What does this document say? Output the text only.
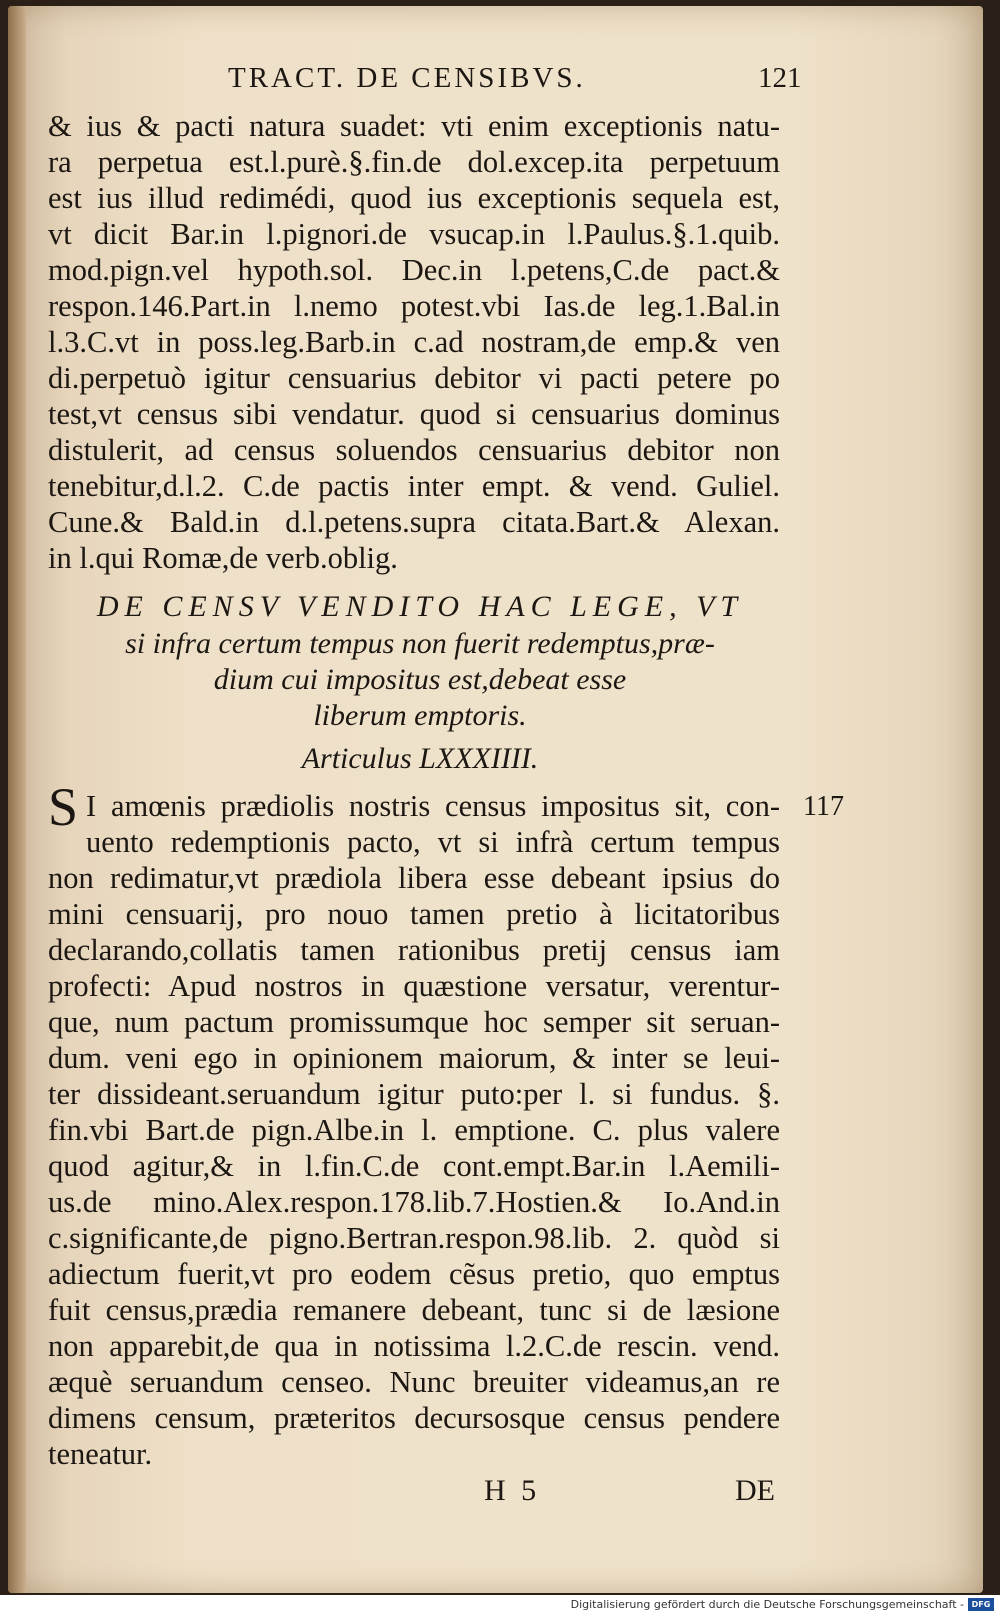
TRACT. DE CENSIBVS.	121
& ius & pacti natura suadet: vti enim exceptionis natu-
ra perpetua est.l.purè.§.fin.de dol.excep.ita perpetuum
est ius illud redimédi, quod ius exceptionis sequela est,
vt dicit Bar.in l.pignori.de vsucap.in l.Paulus.§.1.quib.
mod.pign.vel hypoth.sol. Dec.in l.petens,C.de pact.&
respon.146.Part.in l.nemo potest.vbi Ias.de leg.1.Bal.in
l.3.C.vt in poss.leg.Barb.in c.ad nostram,de emp.& ven
di.perpetuò igitur censuarius debitor vi pacti petere po
test,vt census sibi vendatur. quod si censuarius dominus
distulerit, ad census soluendos censuarius debitor non
tenebitur,d.l.2. C.de pactis inter empt. & vend. Guliel.
Cune.& Bald.in d.l.petens.supra citata.Bart.& Alexan.
in l.qui Romæ,de verb.oblig.
DE CENSV VENDITO HAC LEGE, VT
si infra certum tempus non fuerit redemptus,præ-
dium cui impositus est,debeat esse
liberum emptoris.
Articulus LXXXIIII.
S	117
I amœnis prædiolis nostris census impositus sit, con-
uento redemptionis pacto, vt si infrà certum tempus
non redimatur,vt prædiola libera esse debeant ipsius do
mini censuarij, pro nouo tamen pretio à licitatoribus
declarando,collatis tamen rationibus pretij census iam
profecti: Apud nostros in quæstione versatur, verentur-
que, num pactum promissumque hoc semper sit seruan-
dum. veni ego in opinionem maiorum, & inter se leui-
ter dissideant.seruandum igitur puto:per l. si fundus. §.
fin.vbi Bart.de pign.Albe.in l. emptione. C. plus valere
quod agitur,& in l.fin.C.de cont.empt.Bar.in l.Aemili-
us.de mino.Alex.respon.178.lib.7.Hostien.& Io.And.in
c.significante,de pigno.Bertran.respon.98.lib. 2. quòd si
adiectum fuerit,vt pro eodem cẽsus pretio, quo emptus
fuit census,prædia remanere debeant, tunc si de læsione
non apparebit,de qua in notissima l.2.C.de rescin. vend.
æquè seruandum censeo. Nunc breuiter videamus,an re
dimens censum, præteritos decursosque census pendere
teneatur.
H 5	DE
Digitalisierung gefördert durch die Deutsche Forschungsgemeinschaft - DFG
